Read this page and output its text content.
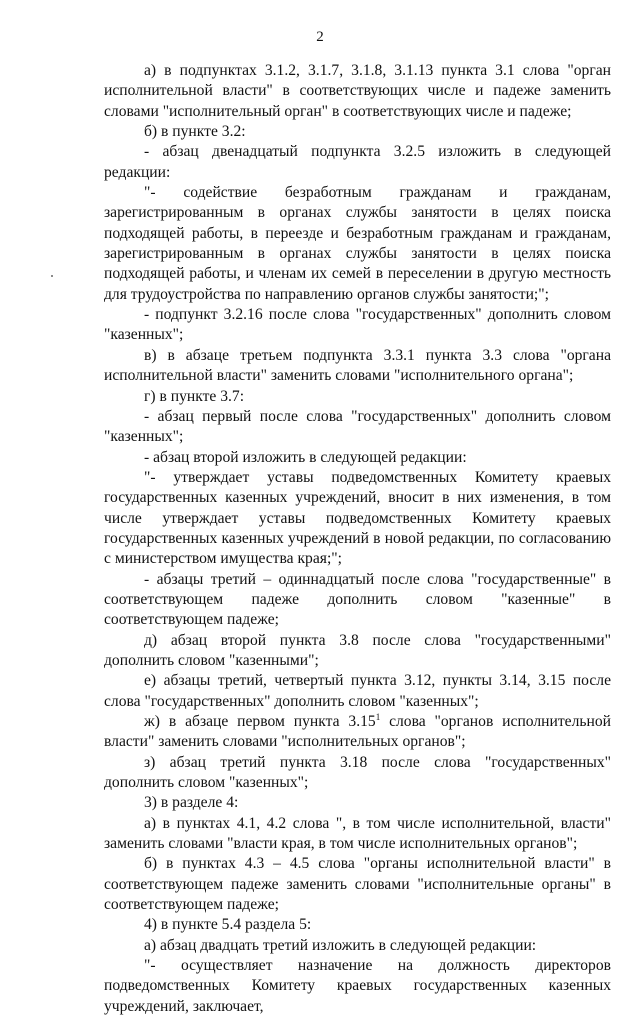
2

а) в подпунктах 3.1.2, 3.1.7, 3.1.8, 3.1.13 пункта 3.1 слова "орган исполнительной власти" в соответствующих числе и падеже заменить словами "исполнительный орган" в соответствующих числе и падеже;

б) в пункте 3.2:

- абзац двенадцатый подпункта 3.2.5 изложить в следующей редакции:

"- содействие безработным гражданам и гражданам, зарегистрированным в органах службы занятости в целях поиска подходящей работы, в переезде и безработным гражданам и гражданам, зарегистрированным в органах службы занятости в целях поиска подходящей работы, и членам их семей в переселении в другую местность для трудоустройства по направлению органов службы занятости;";

- подпункт 3.2.16 после слова "государственных" дополнить словом "казенных";

в) в абзаце третьем подпункта 3.3.1 пункта 3.3 слова "органа исполнительной власти" заменить словами "исполнительного органа";

г) в пункте 3.7:

- абзац первый после слова "государственных" дополнить словом "казенных";

- абзац второй изложить в следующей редакции:

"- утверждает уставы подведомственных Комитету краевых государственных казенных учреждений, вносит в них изменения, в том числе утверждает уставы подведомственных Комитету краевых государственных казенных учреждений в новой редакции, по согласованию с министерством имущества края;";

- абзацы третий – одиннадцатый после слова "государственные" в соответствующем падеже дополнить словом "казенные" в соответствующем падеже;

д) абзац второй пункта 3.8 после слова "государственными" дополнить словом "казенными";

е) абзацы третий, четвертый пункта 3.12, пункты 3.14, 3.15 после слова "государственных" дополнить словом "казенных";

ж) в абзаце первом пункта 3.15$^1$ слова "органов исполнительной власти" заменить словами "исполнительных органов";

з) абзац третий пункта 3.18 после слова "государственных" дополнить словом "казенных";

3) в разделе 4:

а) в пунктах 4.1, 4.2 слова ", в том числе исполнительной, власти" заменить словами "власти края, в том числе исполнительных органов";

б) в пунктах 4.3 – 4.5 слова "органы исполнительной власти" в соответствующем падеже заменить словами "исполнительные органы" в соответствующем падеже;

4) в пункте 5.4 раздела 5:

а) абзац двадцать третий изложить в следующей редакции:

"- осуществляет назначение на должность директоров подведомственных Комитету краевых государственных казенных учреждений, заключает,
